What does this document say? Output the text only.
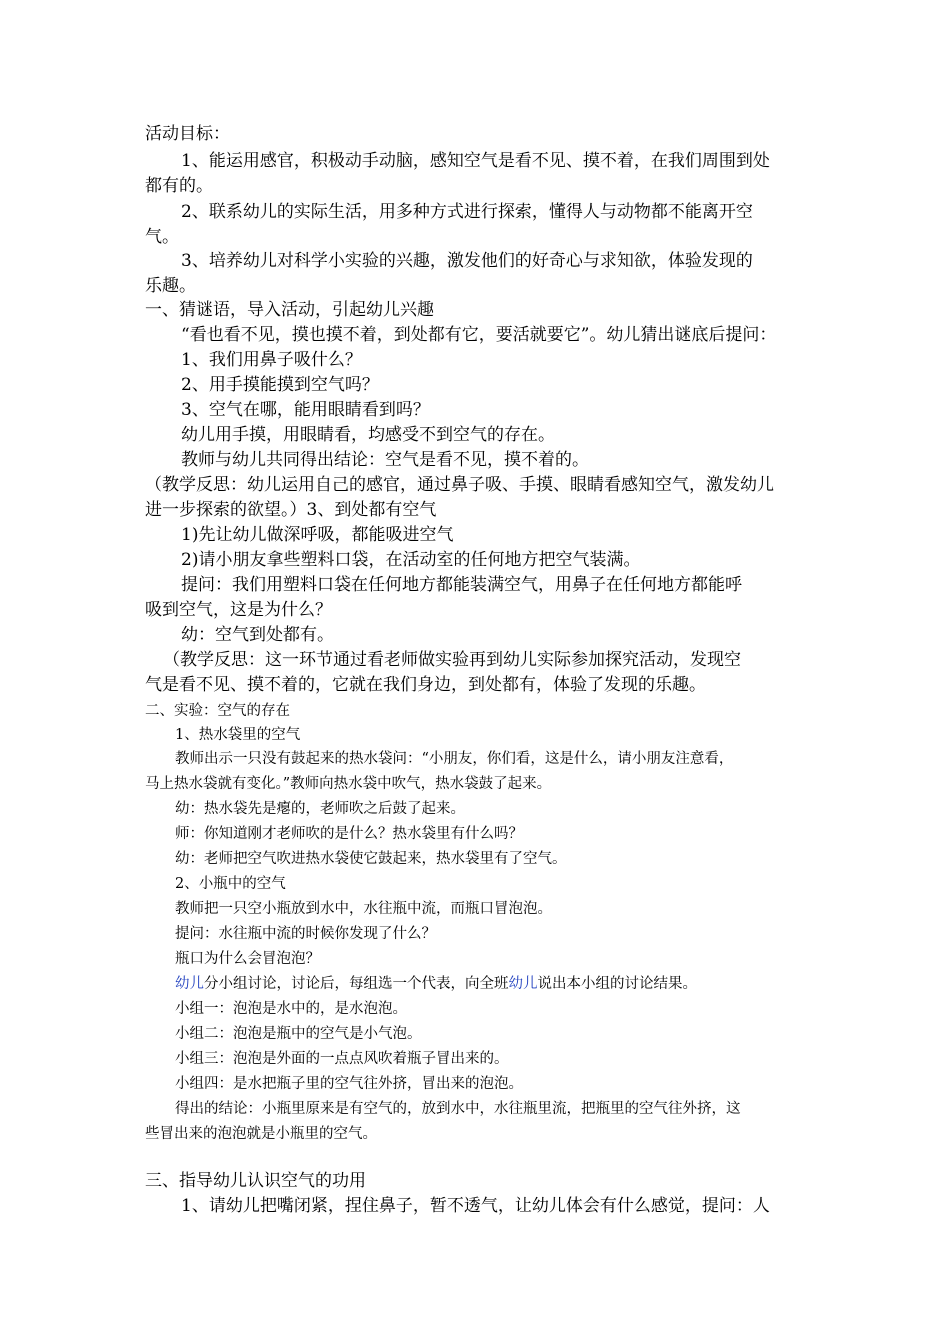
活动目标：
1、能运用感官，积极动手动脑，感知空气是看不见、摸不着，在我们周围到处
都有的。
2、联系幼儿的实际生活，用多种方式进行探索，懂得人与动物都不能离开空
气。
3、培养幼儿对科学小实验的兴趣，激发他们的好奇心与求知欲，体验发现的
乐趣。
一、猜谜语，导入活动，引起幼儿兴趣
“看也看不见，摸也摸不着，到处都有它，要活就要它”。幼儿猜出谜底后提问：
1、我们用鼻子吸什么？
2、用手摸能摸到空气吗？
3、空气在哪，能用眼睛看到吗？
幼儿用手摸，用眼睛看，均感受不到空气的存在。
教师与幼儿共同得出结论：空气是看不见，摸不着的。
（教学反思：幼儿运用自己的感官，通过鼻子吸、手摸、眼睛看感知空气，激发幼儿
进一步探索的欲望。）3、到处都有空气
1)先让幼儿做深呼吸，都能吸进空气
2)请小朋友拿些塑料口袋，在活动室的任何地方把空气装满。
提问：我们用塑料口袋在任何地方都能装满空气，用鼻子在任何地方都能呼
吸到空气，这是为什么？
幼：空气到处都有。
（教学反思：这一环节通过看老师做实验再到幼儿实际参加探究活动，发现空
气是看不见、摸不着的，它就在我们身边，到处都有，体验了发现的乐趣。
二、实验：空气的存在
1、热水袋里的空气
教师出示一只没有鼓起来的热水袋问：“小朋友，你们看，这是什么，请小朋友注意看，
马上热水袋就有变化。”教师向热水袋中吹气，热水袋鼓了起来。
幼：热水袋先是瘪的，老师吹之后鼓了起来。
师：你知道刚才老师吹的是什么？热水袋里有什么吗？
幼：老师把空气吹进热水袋使它鼓起来，热水袋里有了空气。
2、小瓶中的空气
教师把一只空小瓶放到水中，水往瓶中流，而瓶口冒泡泡。
提问：水往瓶中流的时候你发现了什么？
瓶口为什么会冒泡泡？
幼儿分小组讨论，讨论后，每组选一个代表，向全班幼儿说出本小组的讨论结果。
小组一：泡泡是水中的，是水泡泡。
小组二：泡泡是瓶中的空气是小气泡。
小组三：泡泡是外面的一点点风吹着瓶子冒出来的。
小组四：是水把瓶子里的空气往外挤，冒出来的泡泡。
得出的结论：小瓶里原来是有空气的，放到水中，水往瓶里流，把瓶里的空气往外挤，这
些冒出来的泡泡就是小瓶里的空气。
三、指导幼儿认识空气的功用
1、请幼儿把嘴闭紧，捏住鼻子，暂不透气，让幼儿体会有什么感觉，提问：人
